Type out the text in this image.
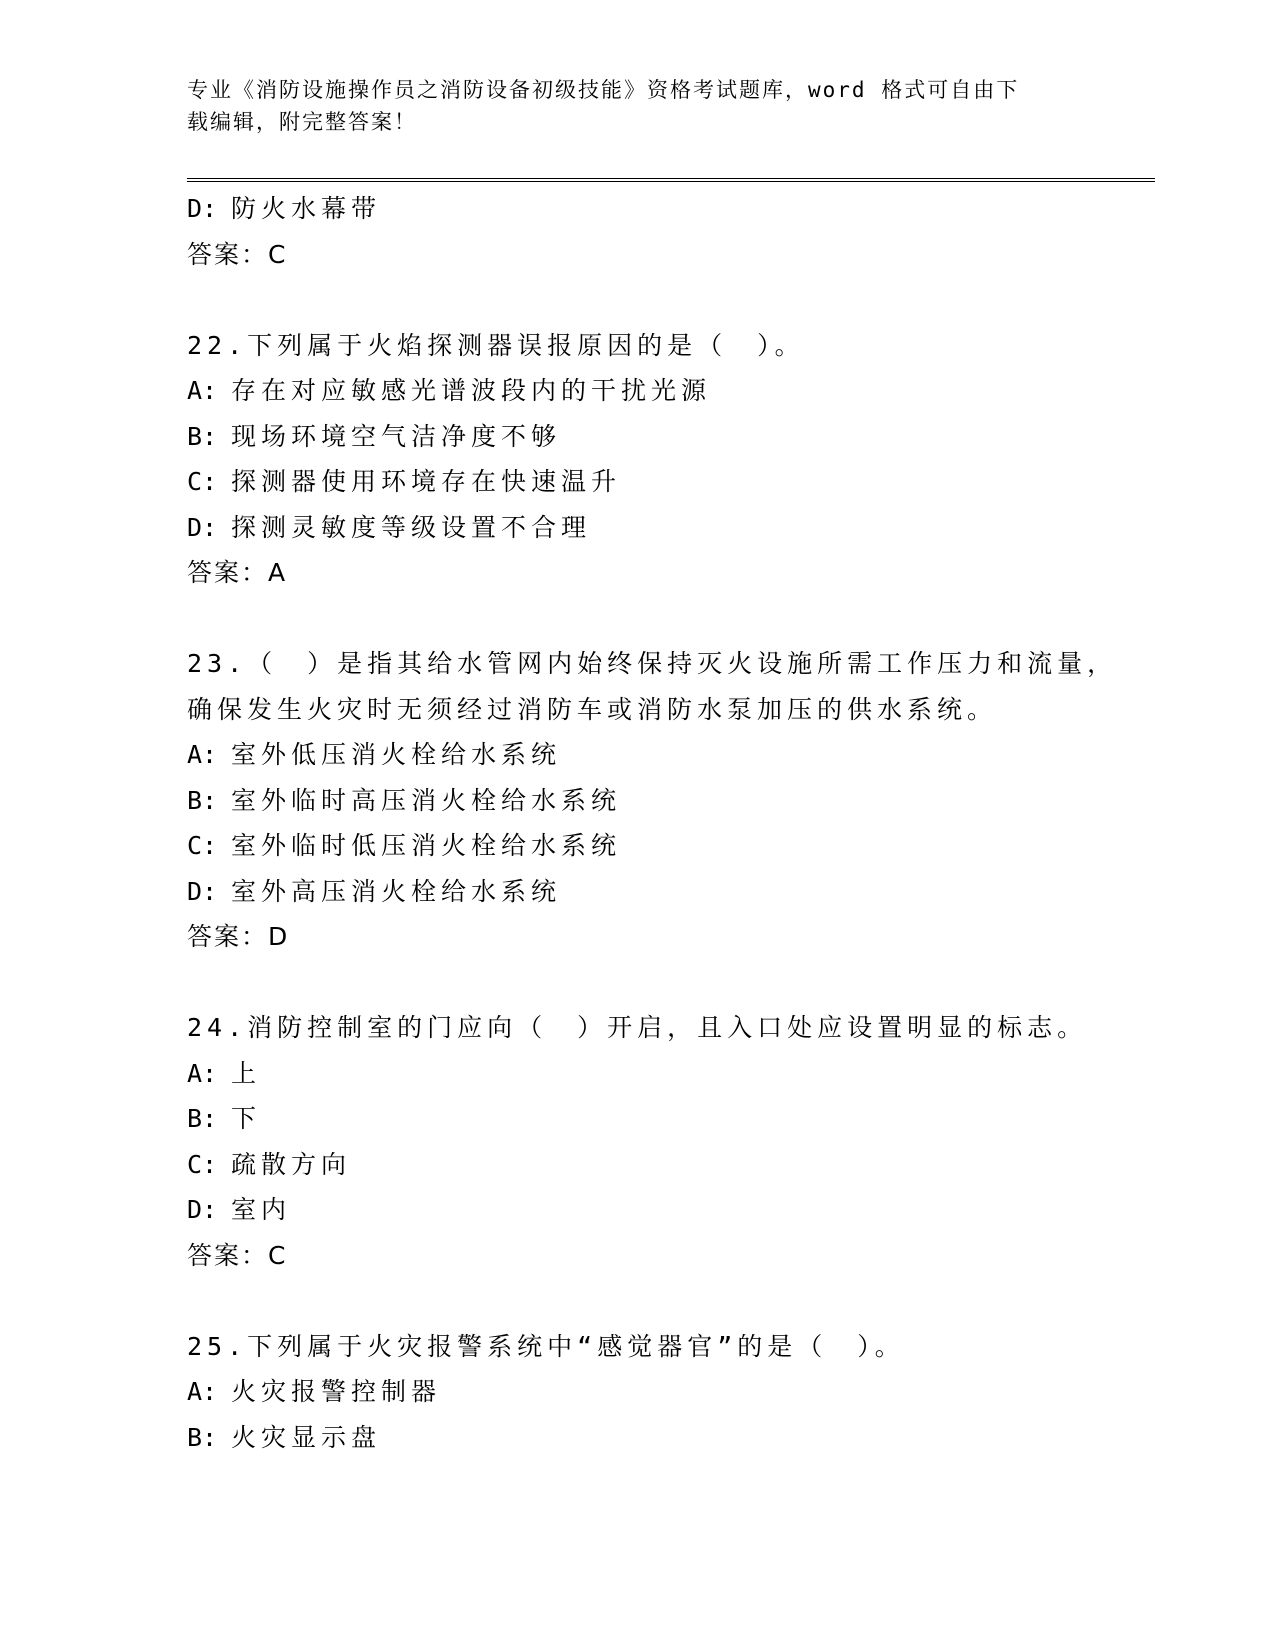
专业《消防设施操作员之消防设备初级技能》资格考试题库，word 格式可自由下
载编辑，附完整答案！
D: 防火水幕带
答案：C
22.下列属于火焰探测器误报原因的是（　）。
A: 存在对应敏感光谱波段内的干扰光源
B: 现场环境空气洁净度不够
C: 探测器使用环境存在快速温升
D: 探测灵敏度等级设置不合理
答案：A
23.（　）是指其给水管网内始终保持灭火设施所需工作压力和流量，
确保发生火灾时无须经过消防车或消防水泵加压的供水系统。
A: 室外低压消火栓给水系统
B: 室外临时高压消火栓给水系统
C: 室外临时低压消火栓给水系统
D: 室外高压消火栓给水系统
答案：D
24.消防控制室的门应向（　）开启，且入口处应设置明显的标志。
A: 上
B: 下
C: 疏散方向
D: 室内
答案：C
25.下列属于火灾报警系统中“感觉器官”的是（　）。
A: 火灾报警控制器
B: 火灾显示盘
